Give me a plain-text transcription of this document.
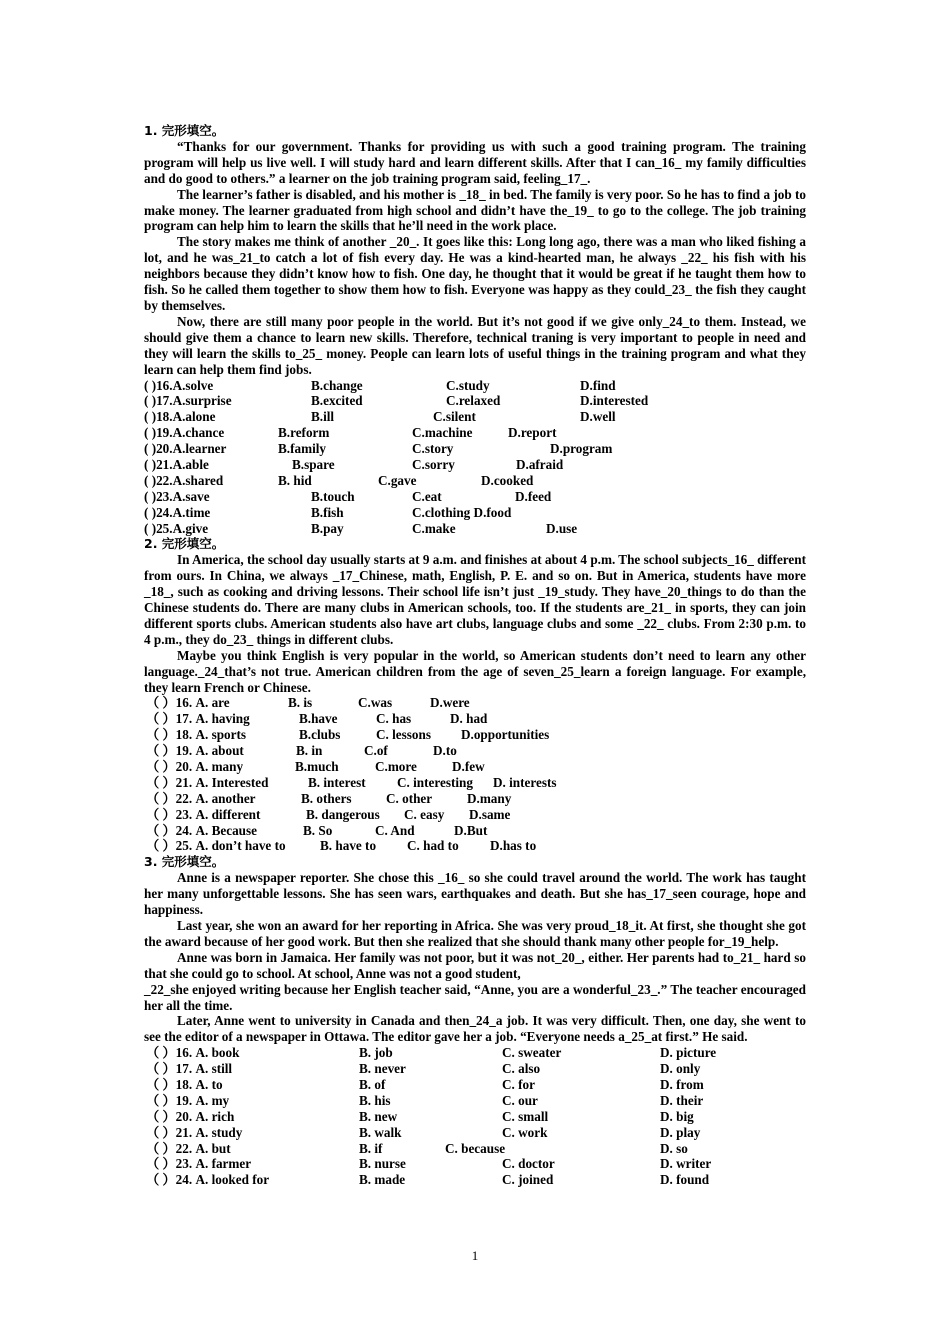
1. 完形填空。

“Thanks for our government. Thanks for providing us with such a good training program. The training program will help us live well. I will study hard and learn different skills. After that I can_16_ my family difficulties and do good to others.” a learner on the job training program said, feeling_17_.

The learner’s father is disabled, and his mother is _18_ in bed. The family is very poor. So he has to find a job to make money. The learner graduated from high school and didn’t have the_19_ to go to the college. The job training program can help him to learn the skills that he’ll need in the work place.

The story makes me think of another _20_. It goes like this: Long long ago, there was a man who liked fishing a lot, and he was_21_to catch a lot of fish every day. He was a kind-hearted man, he always _22_ his fish with his neighbors because they didn’t know how to fish. One day, he thought that it would be great if he taught them how to fish. So he called them together to show them how to fish. Everyone was happy as they could_23_ the fish they caught by themselves.

Now, there are still many poor people in the world. But it’s not good if we give only_24_to them. Instead, we should give them a chance to learn new skills. Therefore, technical traning is very important to people in need and they will learn the skills to_25_ money. People can learn lots of useful things in the training program and what they learn can help them find jobs.

( )16.A.solve	B.change	C.study	D.find
( )17.A.surprise	B.excited	C.relaxed	D.interested
( )18.A.alone	B.ill	C.silent	D.well
( )19.A.chance	B.reform	C.machine	D.report
( )20.A.learner	B.family	C.story	D.program
( )21.A.able	B.spare	C.sorry	D.afraid
( )22.A.shared	B. hid	C.gave	D.cooked
( )23.A.save	B.touch	C.eat	D.feed
( )24.A.time	B.fish	C.clothing D.food
( )25.A.give	B.pay	C.make	D.use
2. 完形填空。

In America, the school day usually starts at 9 a.m. and finishes at about 4 p.m. The school subjects_16_ different from ours. In China, we always _17_Chinese, math, English, P. E. and so on. But in America, students have more _18_, such as cooking and driving lessons. Their school life isn’t just _19_study. They have_20_things to do than the Chinese students do. There are many clubs in American schools, too. If the students are_21_ in sports, they can join different sports clubs. American students also have art clubs, language clubs and some _22_ clubs. From 2:30 p.m. to 4 p.m., they do_23_ things in different clubs.

Maybe you think English is very popular in the world, so American students don’t need to learn any other language._24_that’s not true. American children from the age of seven_25_learn a foreign language. For example, they learn French or Chinese.

（ ）16. A. are	B. is	C.was	D.were
（ ）17. A. having	B.have	C. has	D. had
（ ）18. A. sports	B.clubs	C. lessons D.opportunities
（ ）19. A. about	B. in	C.of	D.to
（ ）20. A. many	B.much	C.more	D.few
（ ）21. A. Interested	B. interest C. interesting D. interests
（ ）22. A. another	B. others	C. other	D.many
（ ）23. A. different	B. dangerous C. easy D.same
（ ）24. A. Because	B. So	C. And	D.But
（ ）25. A. don’t have to	B. have to C. had to D.has to
3. 完形填空。

Anne is a newspaper reporter. She chose this _16_ so she could travel around the world. The work has taught her many unforgettable lessons. She has seen wars, earthquakes and death. But she has_17_seen courage, hope and happiness.

Last year, she won an award for her reporting in Africa. She was very proud_18_it. At first, she thought she got the award because of her good work. But then she realized that she should thank many other people for_19_help.

Anne was born in Jamaica. Her family was not poor, but it was not_20_, either. Her parents had to_21_ hard so that she could go to school. At school, Anne was not a good student,

_22_she enjoyed writing because her English teacher said, “Anne, you are a wonderful_23_.” The teacher encouraged her all the time.

Later, Anne went to university in Canada and then_24_a job. It was very difficult. Then, one day, she went to see the editor of a newspaper in Ottawa. The editor gave her a job. “Everyone needs a_25_at first.” He said.

（ ）16. A. book	B. job	C. sweater	D. picture
（ ）17. A. still	B. never	C. also	D. only
（ ）18. A. to	B. of	C. for	D. from
（ ）19. A. my	B. his	C. our	D. their
（ ）20. A. rich	B. new	C. small	D. big
（ ）21. A. study	B. walk	C. work	D. play
（ ）22. A. but	B. if	C. because	D. so
（ ）23. A. farmer	B. nurse	C. doctor	D. writer
（ ）24. A. looked for	B. made	C. joined	D. found
1
